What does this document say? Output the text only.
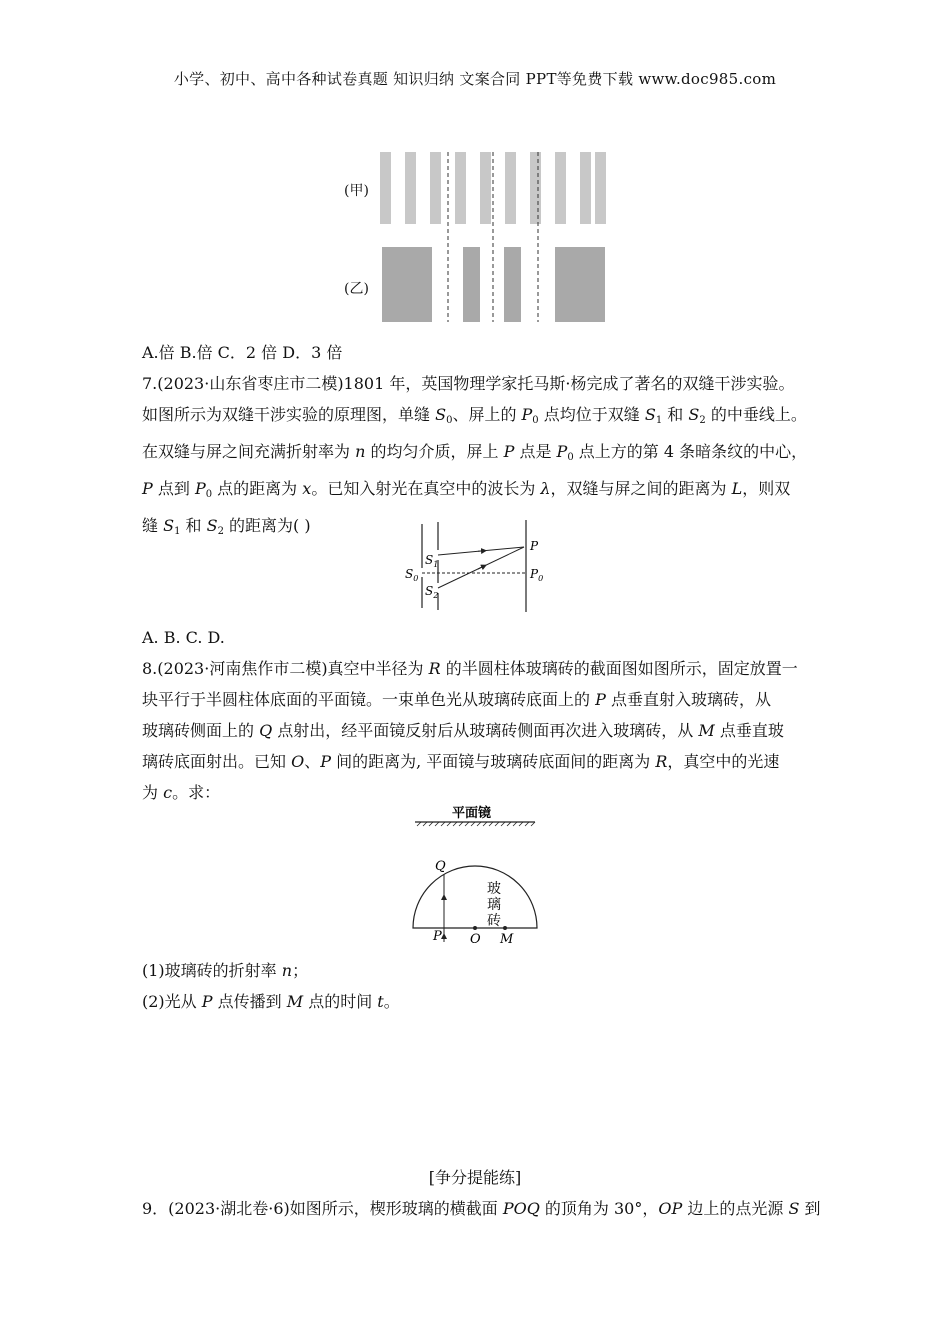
小学、初中、高中各种试卷真题 知识归纳 文案合同 PPT等免费下载 www.doc985.com
(甲)
(乙)
A.倍 B.倍 C．2 倍 D．3 倍
7.(2023·山东省枣庄市二模)1801 年，英国物理学家托马斯·杨完成了著名的双缝干涉实验。
如图所示为双缝干涉实验的原理图，单缝 $S_0$、屏上的 $P_0$ 点均位于双缝 $S_1$ 和 $S_2$ 的中垂线上。
在双缝与屏之间充满折射率为 n 的均匀介质，屏上 P 点是 $P_0$ 点上方的第 4 条暗条纹的中心，
P 点到 $P_0$ 点的距离为 x。已知入射光在真空中的波长为 λ，双缝与屏之间的距离为 L，则双
缝 $S_1$ 和 $S_2$ 的距离为( )
$S_1$
$S_2$
$S_0$
P
$P_0$
A. B. C. D.
8.(2023·河南焦作市二模)真空中半径为 R 的半圆柱体玻璃砖的截面图如图所示，固定放置一
块平行于半圆柱体底面的平面镜。一束单色光从玻璃砖底面上的 P 点垂直射入玻璃砖，从
玻璃砖侧面上的 Q 点射出，经平面镜反射后从玻璃砖侧面再次进入玻璃砖，从 M 点垂直玻
璃砖底面射出。已知 O、P 间的距离为, 平面镜与玻璃砖底面间的距离为 R，真空中的光速
为 c。求：
平面镜
Q
P O M
玻
璃
砖
(1)玻璃砖的折射率 n；
(2)光从 P 点传播到 M 点的时间 t。
[争分提能练]
9．(2023·湖北卷·6)如图所示，楔形玻璃的横截面 POQ 的顶角为 30°，OP 边上的点光源 S 到
